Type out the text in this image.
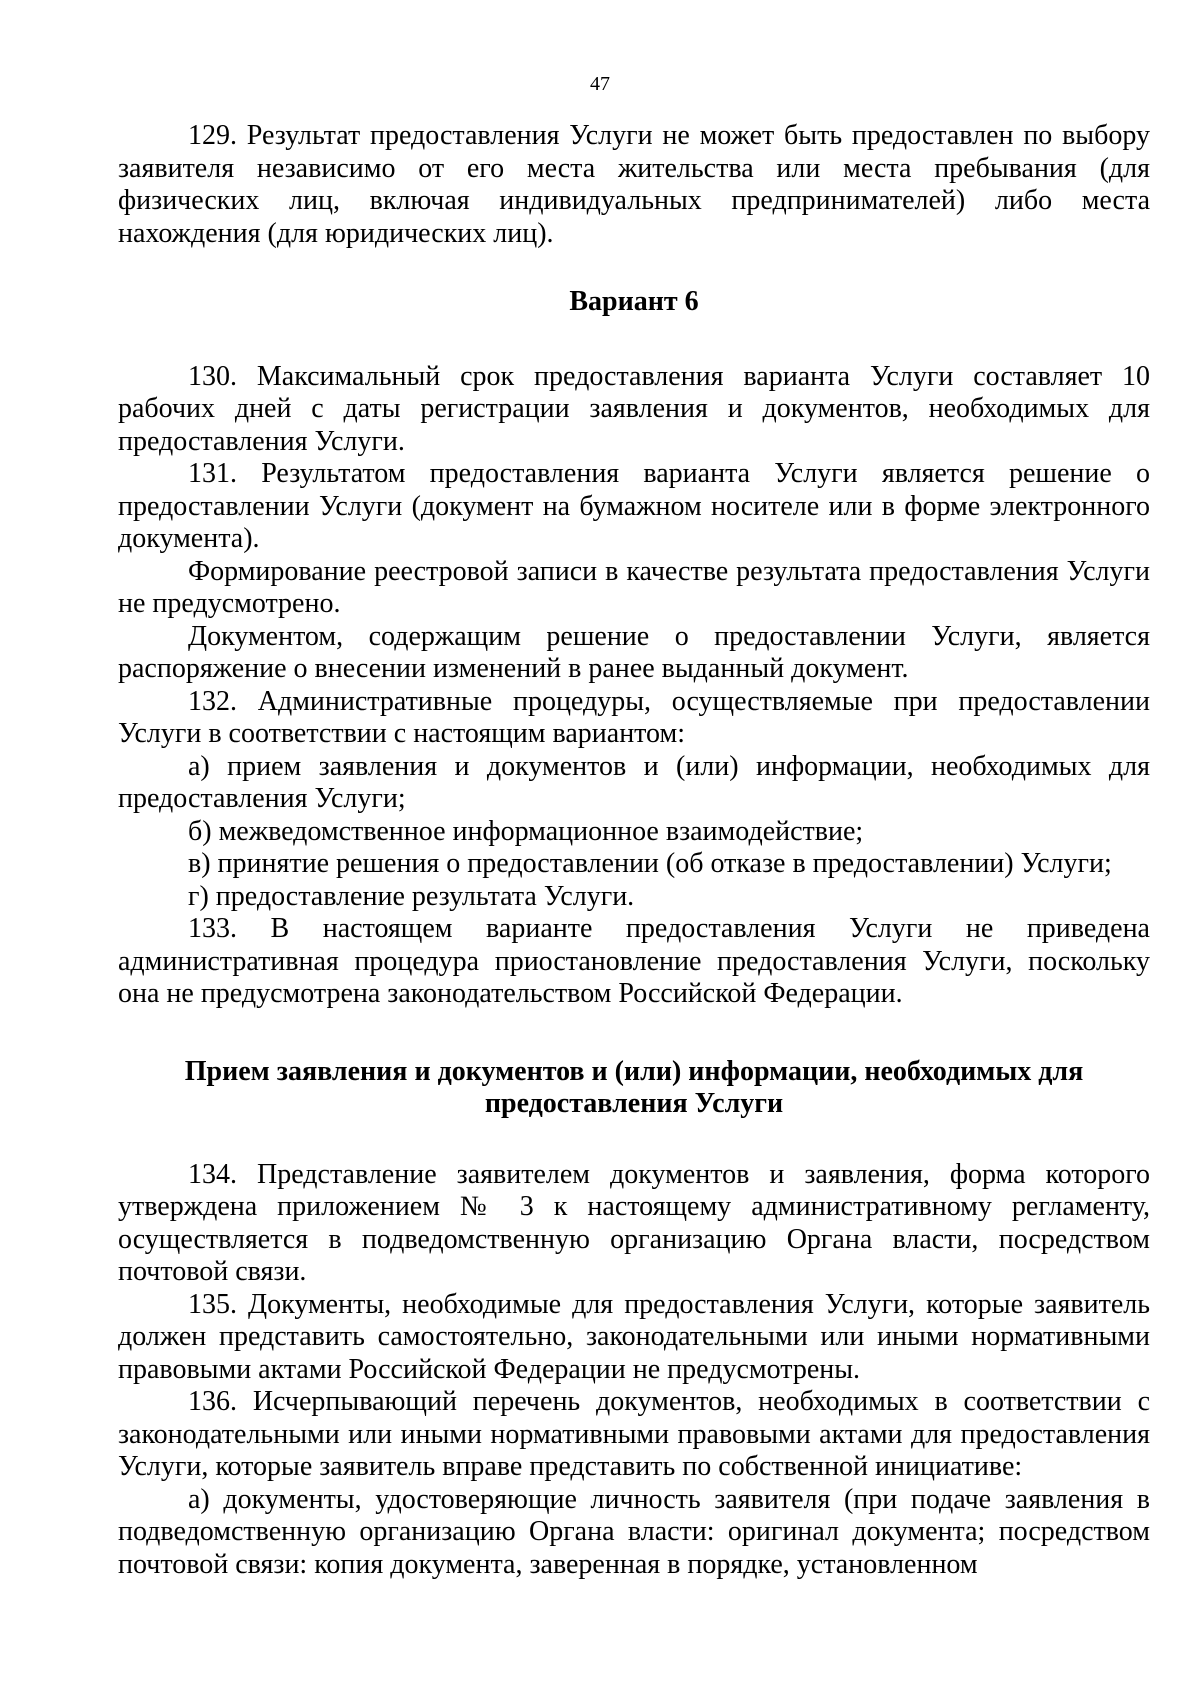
47

129. Результат предоставления Услуги не может быть предоставлен по выбору заявителя независимо от его места жительства или места пребывания (для физических лиц, включая индивидуальных предпринимателей) либо места нахождения (для юридических лиц).

Вариант 6

130. Максимальный срок предоставления варианта Услуги составляет 10 рабочих дней с даты регистрации заявления и документов, необходимых для предоставления Услуги.

131. Результатом предоставления варианта Услуги является решение о предоставлении Услуги (документ на бумажном носителе или в форме электронного документа).

Формирование реестровой записи в качестве результата предоставления Услуги не предусмотрено.

Документом, содержащим решение о предоставлении Услуги, является распоряжение о внесении изменений в ранее выданный документ.

132. Административные процедуры, осуществляемые при предоставлении Услуги в соответствии с настоящим вариантом:

а) прием заявления и документов и (или) информации, необходимых для предоставления Услуги;

б) межведомственное информационное взаимодействие;

в) принятие решения о предоставлении (об отказе в предоставлении) Услуги;

г) предоставление результата Услуги.

133. В настоящем варианте предоставления Услуги не приведена административная процедура приостановление предоставления Услуги, поскольку она не предусмотрена законодательством Российской Федерации.

Прием заявления и документов и (или) информации, необходимых для предоставления Услуги

134. Представление заявителем документов и заявления, форма которого утверждена приложением № 3 к настоящему административному регламенту, осуществляется в подведомственную организацию Органа власти, посредством почтовой связи.

135. Документы, необходимые для предоставления Услуги, которые заявитель должен представить самостоятельно, законодательными или иными нормативными правовыми актами Российской Федерации не предусмотрены.

136. Исчерпывающий перечень документов, необходимых в соответствии с законодательными или иными нормативными правовыми актами для предоставления Услуги, которые заявитель вправе представить по собственной инициативе:

а) документы, удостоверяющие личность заявителя (при подаче заявления в подведомственную организацию Органа власти: оригинал документа; посредством почтовой связи: копия документа, заверенная в порядке, установленном
